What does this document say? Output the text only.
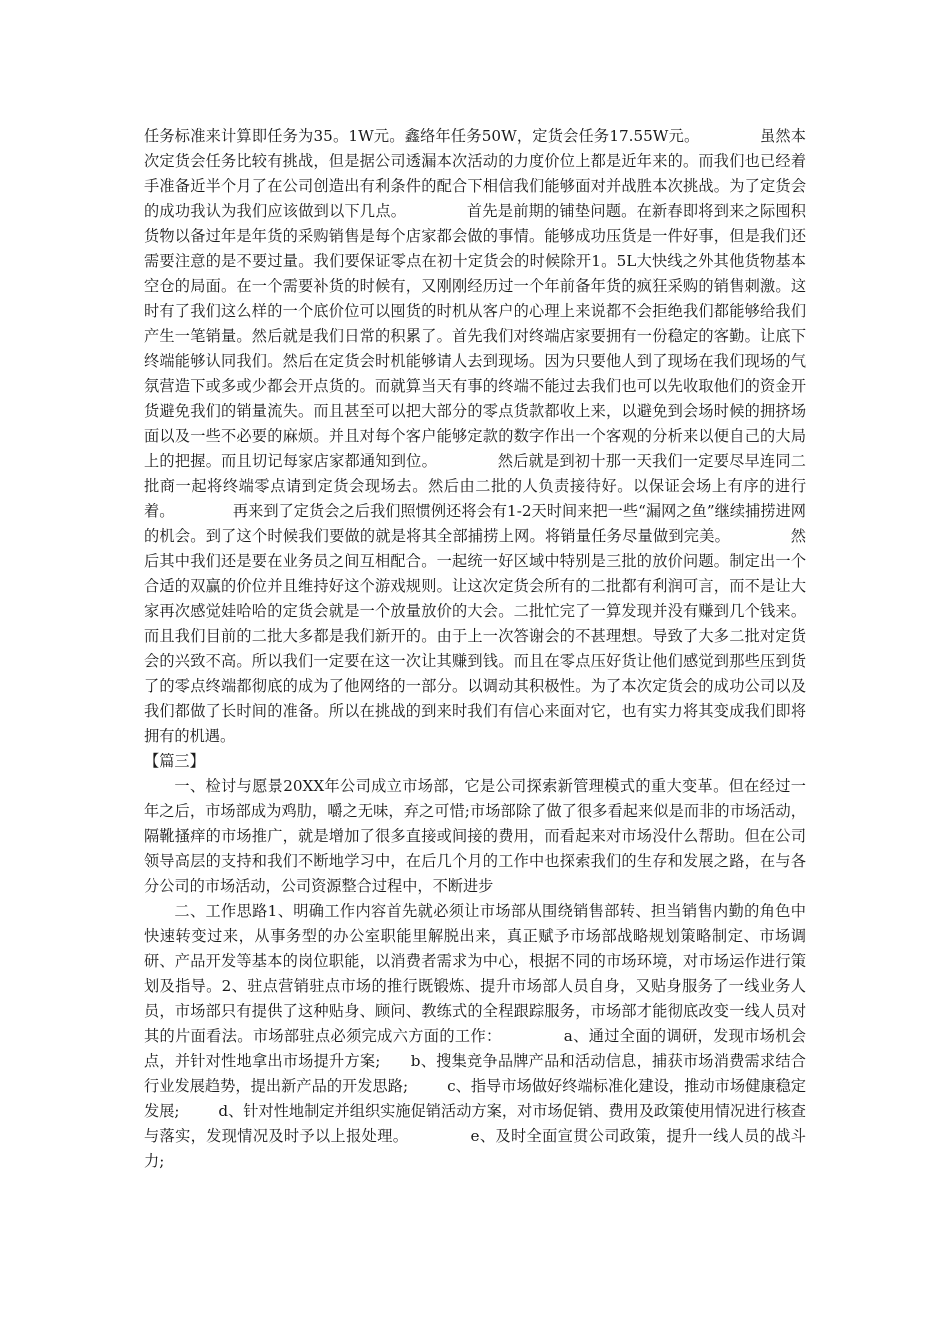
任务标准来计算即任务为35。1W元。鑫络年任务50W，定货会任务17.55W元。            虽然本次定货会任务比较有挑战，但是据公司透漏本次活动的力度价位上都是近年来的。而我们也已经着手准备近半个月了在公司创造出有利条件的配合下相信我们能够面对并战胜本次挑战。为了定货会的成功我认为我们应该做到以下几点。            首先是前期的铺垫问题。在新春即将到来之际囤积货物以备过年是年货的采购销售是每个店家都会做的事情。能够成功压货是一件好事，但是我们还需要注意的是不要过量。我们要保证零点在初十定货会的时候除开1。5L大快线之外其他货物基本空仓的局面。在一个需要补货的时候有，又刚刚经历过一个年前备年货的疯狂采购的销售刺激。这时有了我们这么样的一个底价位可以囤货的时机从客户的心理上来说都不会拒绝我们都能够给我们产生一笔销量。然后就是我们日常的积累了。首先我们对终端店家要拥有一份稳定的客勤。让底下终端能够认同我们。然后在定货会时机能够请人去到现场。因为只要他人到了现场在我们现场的气氛营造下或多或少都会开点货的。而就算当天有事的终端不能过去我们也可以先收取他们的资金开货避免我们的销量流失。而且甚至可以把大部分的零点货款都收上来，以避免到会场时候的拥挤场面以及一些不必要的麻烦。并且对每个客户能够定款的数字作出一个客观的分析来以便自己的大局上的把握。而且切记每家店家都通知到位。            然后就是到初十那一天我们一定要尽早连同二批商一起将终端零点请到定货会现场去。然后由二批的人负责接待好。以保证会场上有序的进行着。            再来到了定货会之后我们照惯例还将会有1-2天时间来把一些“漏网之鱼”继续捕捞进网的机会。到了这个时候我们要做的就是将其全部捕捞上网。将销量任务尽量做到完美。            然后其中我们还是要在业务员之间互相配合。一起统一好区域中特别是三批的放价问题。制定出一个合适的双赢的价位并且维持好这个游戏规则。让这次定货会所有的二批都有利润可言，而不是让大家再次感觉娃哈哈的定货会就是一个放量放价的大会。二批忙完了一算发现并没有赚到几个钱来。而且我们目前的二批大多都是我们新开的。由于上一次答谢会的不甚理想。导致了大多二批对定货会的兴致不高。所以我们一定要在这一次让其赚到钱。而且在零点压好货让他们感觉到那些压到货了的零点终端都彻底的成为了他网络的一部分。以调动其积极性。为了本次定货会的成功公司以及我们都做了长时间的准备。所以在挑战的到来时我们有信心来面对它，也有实力将其变成我们即将拥有的机遇。

【篇三】

一、检讨与愿景20XX年公司成立市场部，它是公司探索新管理模式的重大变革。但在经过一年之后，市场部成为鸡肋，嚼之无味，弃之可惜;市场部除了做了很多看起来似是而非的市场活动，隔靴搔痒的市场推广，就是增加了很多直接或间接的费用，而看起来对市场没什么帮助。但在公司领导高层的支持和我们不断地学习中，在后几个月的工作中也探索我们的生存和发展之路，在与各分公司的市场活动，公司资源整合过程中，不断进步

二、工作思路1、明确工作内容首先就必须让市场部从围绕销售部转、担当销售内勤的角色中快速转变过来，从事务型的办公室职能里解脱出来，真正赋予市场部战略规划策略制定、市场调研、产品开发等基本的岗位职能，以消费者需求为中心，根据不同的市场环境，对市场运作进行策划及指导。2、驻点营销驻点市场的推行既锻炼、提升市场部人员自身，又贴身服务了一线业务人员，市场部只有提供了这种贴身、顾问、教练式的全程跟踪服务，市场部才能彻底改变一线人员对其的片面看法。市场部驻点必须完成六方面的工作：            a、通过全面的调研，发现市场机会点，并针对性地拿出市场提升方案;      b、搜集竞争品牌产品和活动信息，捕获市场消费需求结合行业发展趋势，提出新产品的开发思路;        c、指导市场做好终端标准化建设，推动市场健康稳定发展;        d、针对性地制定并组织实施促销活动方案，对市场促销、费用及政策使用情况进行核查与落实，发现情况及时予以上报处理。            e、及时全面宣贯公司政策，提升一线人员的战斗力;
